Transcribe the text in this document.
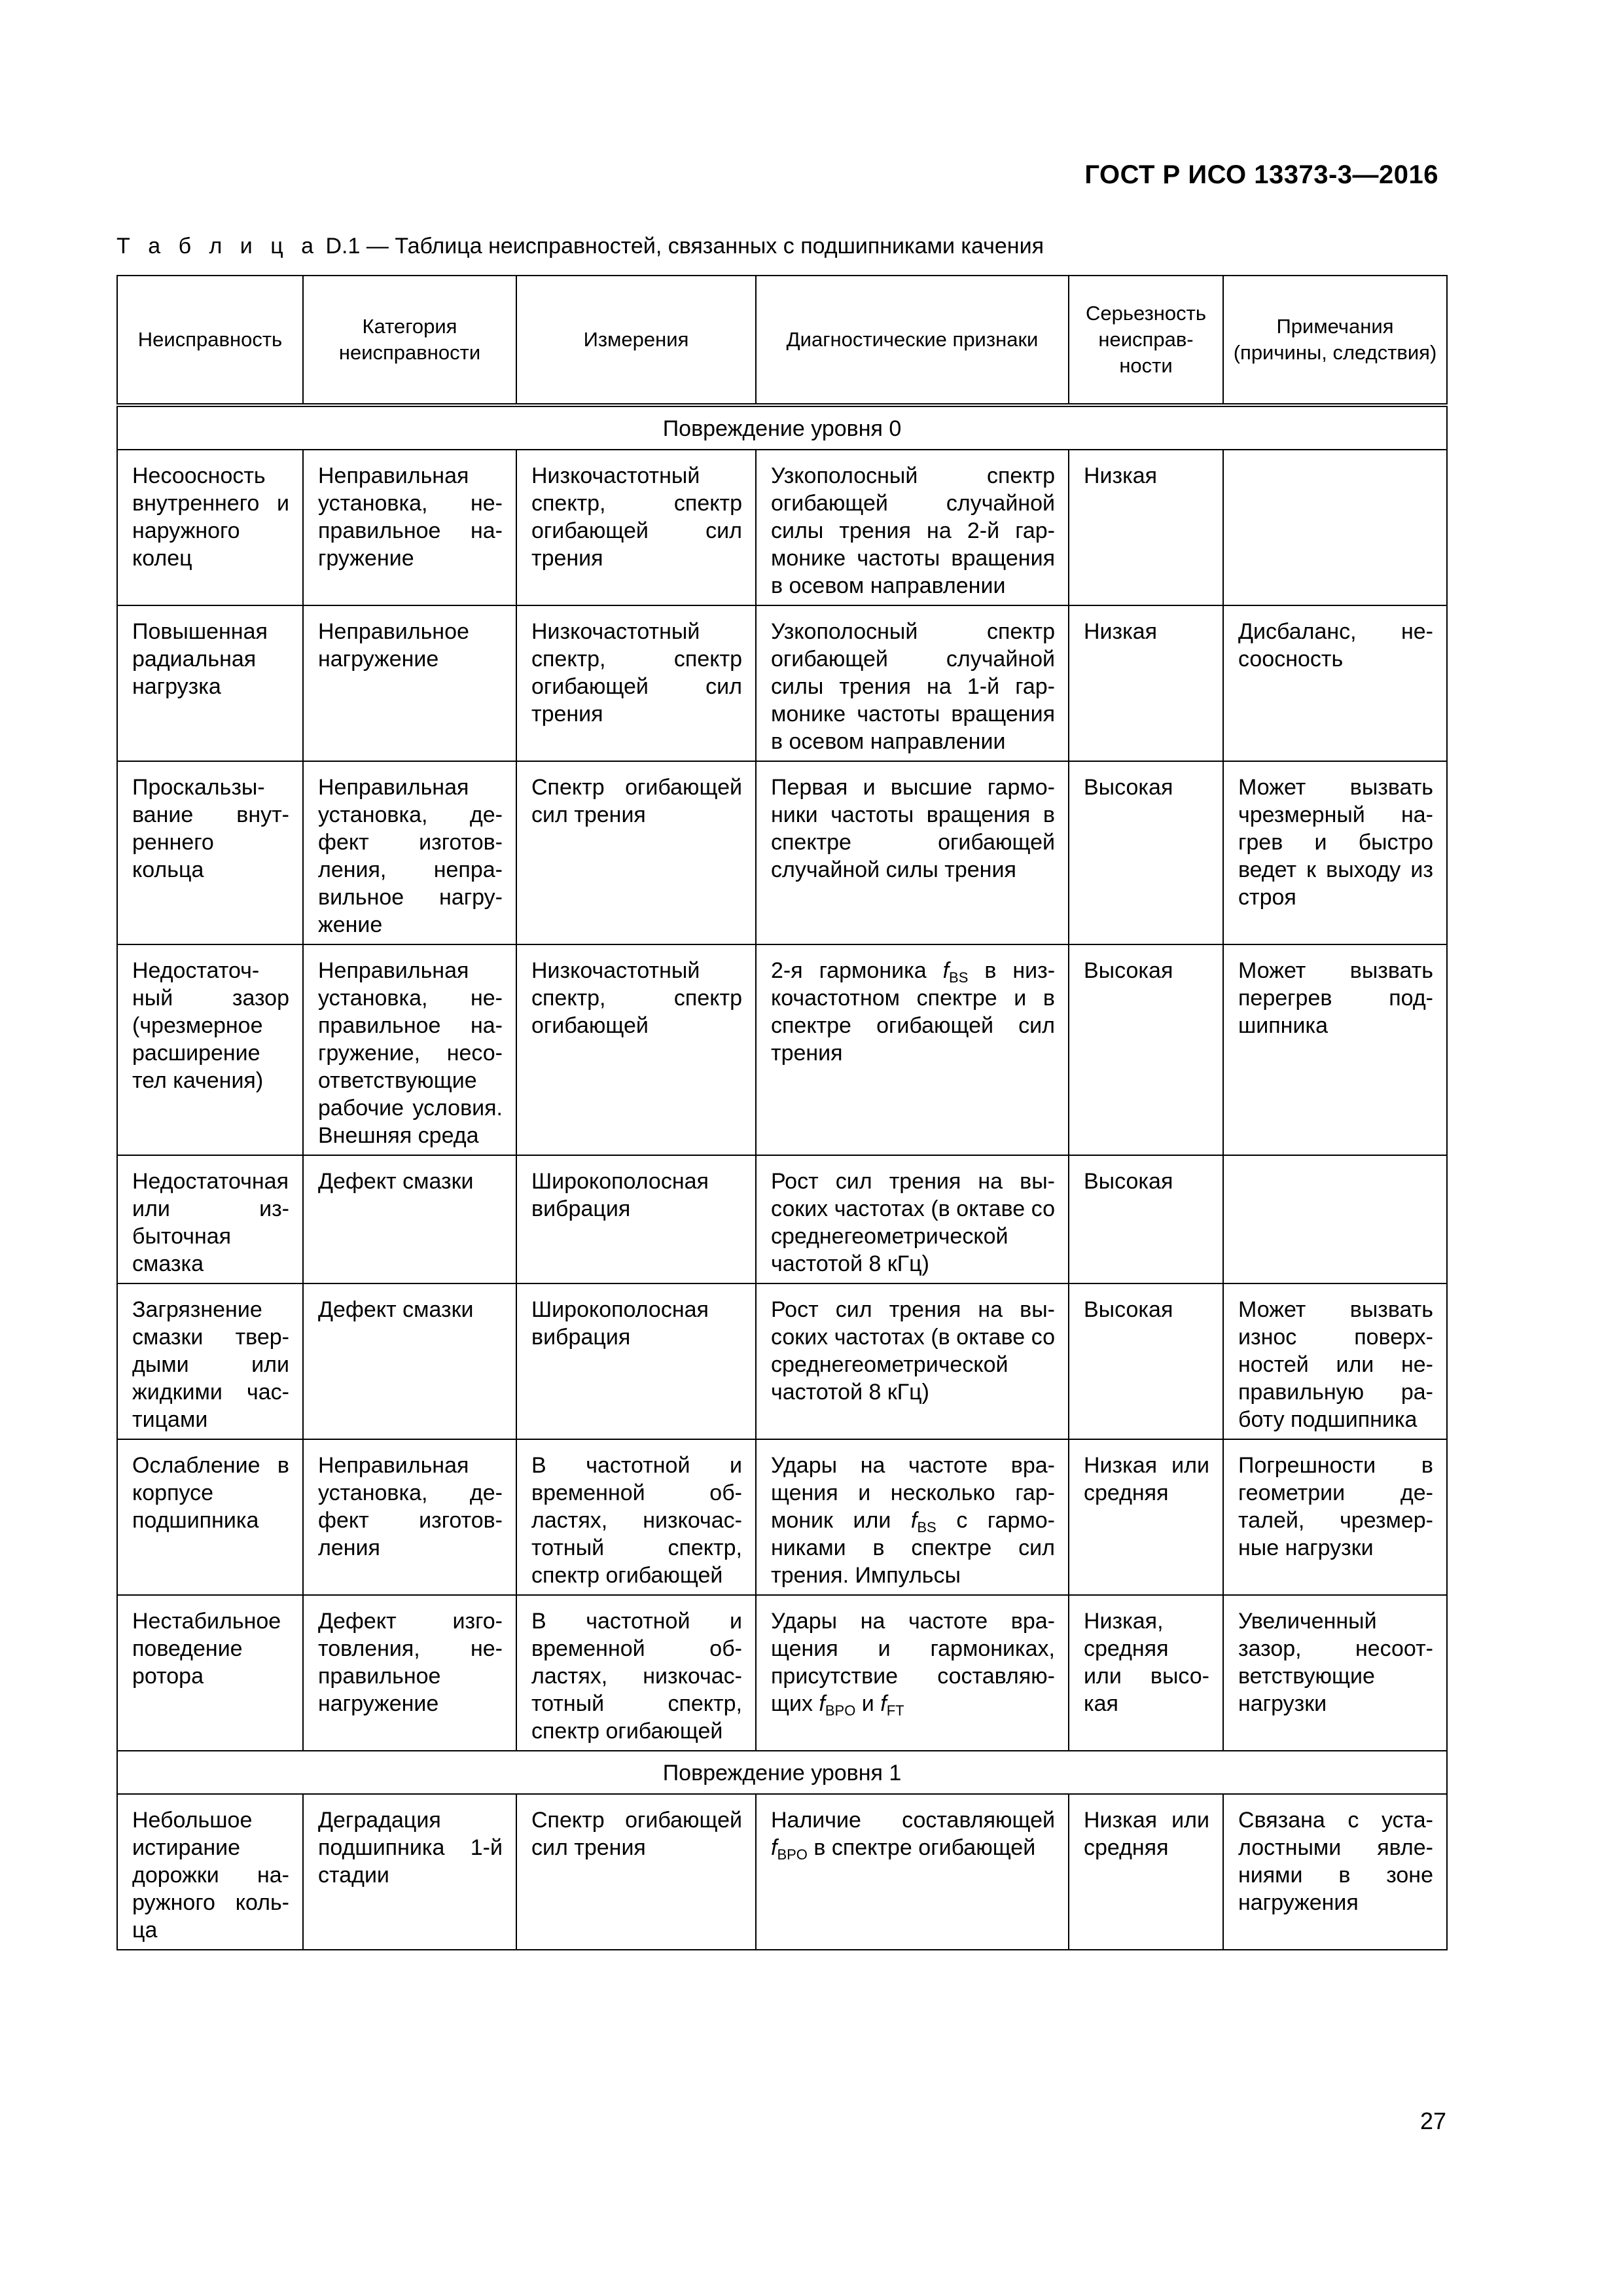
ГОСТ Р ИСО 13373-3—2016
Т а б л и ц а D.1 — Таблица неисправностей, связанных с подшипниками качения
Неисправность	Категория неисправности	Измерения	Диагностические признаки	Серьезность неисправности	Примечания (причины, следствия)
Повреждение уровня 0					
Несоосность внутреннего и наружного колец	Неправильная установка, неправильное нагружение	Низкочастотный спектр, спектр огибающей сил трения	Узкополосный спектр огибающей случайной силы трения на 2-й гармонике частоты вращения в осевом направлении	Низкая	
Повышенная радиальная нагрузка	Неправильное нагружение	Низкочастотный спектр, спектр огибающей сил трения	Узкополосный спектр огибающей случайной силы трения на 1-й гармонике частоты вращения в осевом направлении	Низкая	Дисбаланс, несоосность
Проскальзывание внутреннего кольца	Неправильная установка, дефект изготовления, неправильное нагружение	Спектр огибающей сил трения	Первая и высшие гармоники частоты вращения в спектре огибающей случайной силы трения	Высокая	Может вызвать чрезмерный нагрев и быстро ведет к выходу из строя
Недостаточный зазор (чрезмерное расширение тел качения)	Неправильная установка, неправильное нагружение, несоответствующие рабочие условия. Внешняя среда	Низкочастотный спектр, спектр огибающей	2-я гармоника $f_{BS}$ в низкочастотном спектре и в спектре огибающей сил трения	Высокая	Может вызвать перегрев подшипника
Недостаточная или избыточная смазка	Дефект смазки	Широкополосная вибрация	Рост сил трения на высоких частотах (в октаве со среднегеометрической частотой 8 кГц)	Высокая	
Загрязнение смазки твердыми или жидкими частицами	Дефект смазки	Широкополосная вибрация	Рост сил трения на высоких частотах (в октаве со среднегеометрической частотой 8 кГц)	Высокая	Может вызвать износ поверхностей или неправильную работу подшипника
Ослабление в корпусе подшипника	Неправильная установка, дефект изготовления	В частотной и временной областях, низкочастотный спектр, спектр огибающей	Удары на частоте вращения и несколько гармоник или $f_{BS}$ с гармониками в спектре сил трения. Импульсы	Низкая или средняя	Погрешности в геометрии деталей, чрезмерные нагрузки
Нестабильное поведение ротора	Дефект изготовления, неправильное нагружение	В частотной и временной областях, низкочастотный спектр, спектр огибающей	Удары на частоте вращения и гармониках, присутствие составляющих $f_{BPO}$ и $f_{FT}$	Низкая, средняя или высокая	Увеличенный зазор, несоответствующие нагрузки
Повреждение уровня 1					
Небольшое истирание дорожки наружного кольца	Деградация подшипника 1-й стадии	Спектр огибающей сил трения	Наличие составляющей $f_{BPO}$ в спектре огибающей	Низкая или средняя	Связана с усталостными явлениями в зоне нагружения
27
